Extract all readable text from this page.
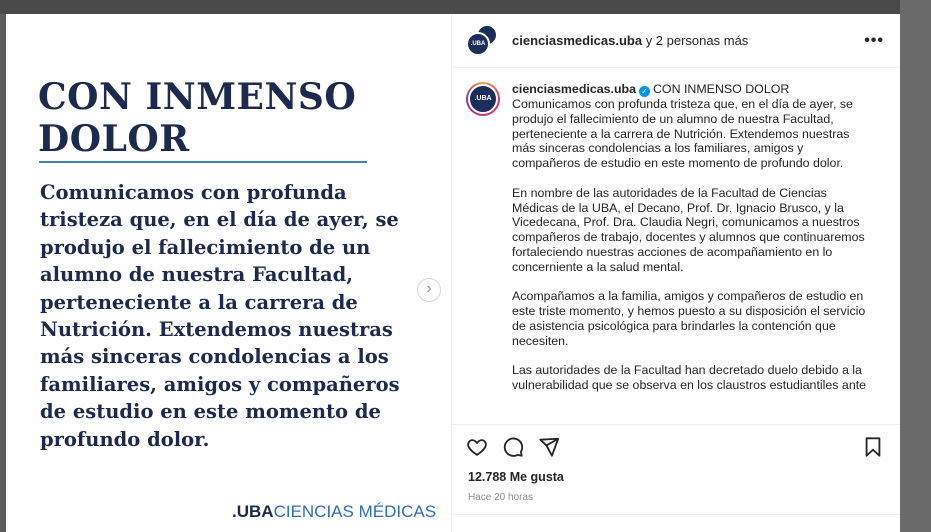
CON INMENSO DOLOR
Comunicamos con profunda tristeza que, en el día de ayer, se produjo el fallecimiento de un alumno de nuestra Facultad, perteneciente a la carrera de Nutrición. Extendemos nuestras más sinceras condolencias a los familiares, amigos y compañeros de estudio en este momento de profundo dolor.
.UBACIENCIAS MÉDICAS
›
.UBA	cienciasmedicas.uba y 2 personas más	•••
.UBA
cienciasmedicas.uba ✓ CON INMENSO DOLOR
Comunicamos con profunda tristeza que, en el día de ayer, se produjo el fallecimiento de un alumno de nuestra Facultad, perteneciente a la carrera de Nutrición. Extendemos nuestras más sinceras condolencias a los familiares, amigos y compañeros de estudio en este momento de profundo dolor.
En nombre de las autoridades de la Facultad de Ciencias Médicas de la UBA, el Decano, Prof. Dr. Ignacio Brusco, y la Vicedecana, Prof. Dra. Claudia Negri, comunicamos a nuestros compañeros de trabajo, docentes y alumnos que continuaremos fortaleciendo nuestras acciones de acompañamiento en lo concerniente a la salud mental.
Acompañamos a la familia, amigos y compañeros de estudio en este triste momento, y hemos puesto a su disposición el servicio de asistencia psicológica para brindarles la contención que necesiten.
Las autoridades de la Facultad han decretado duelo debido a la vulnerabilidad que se observa en los claustros estudiantiles ante
12.788 Me gusta
Hace 20 horas
